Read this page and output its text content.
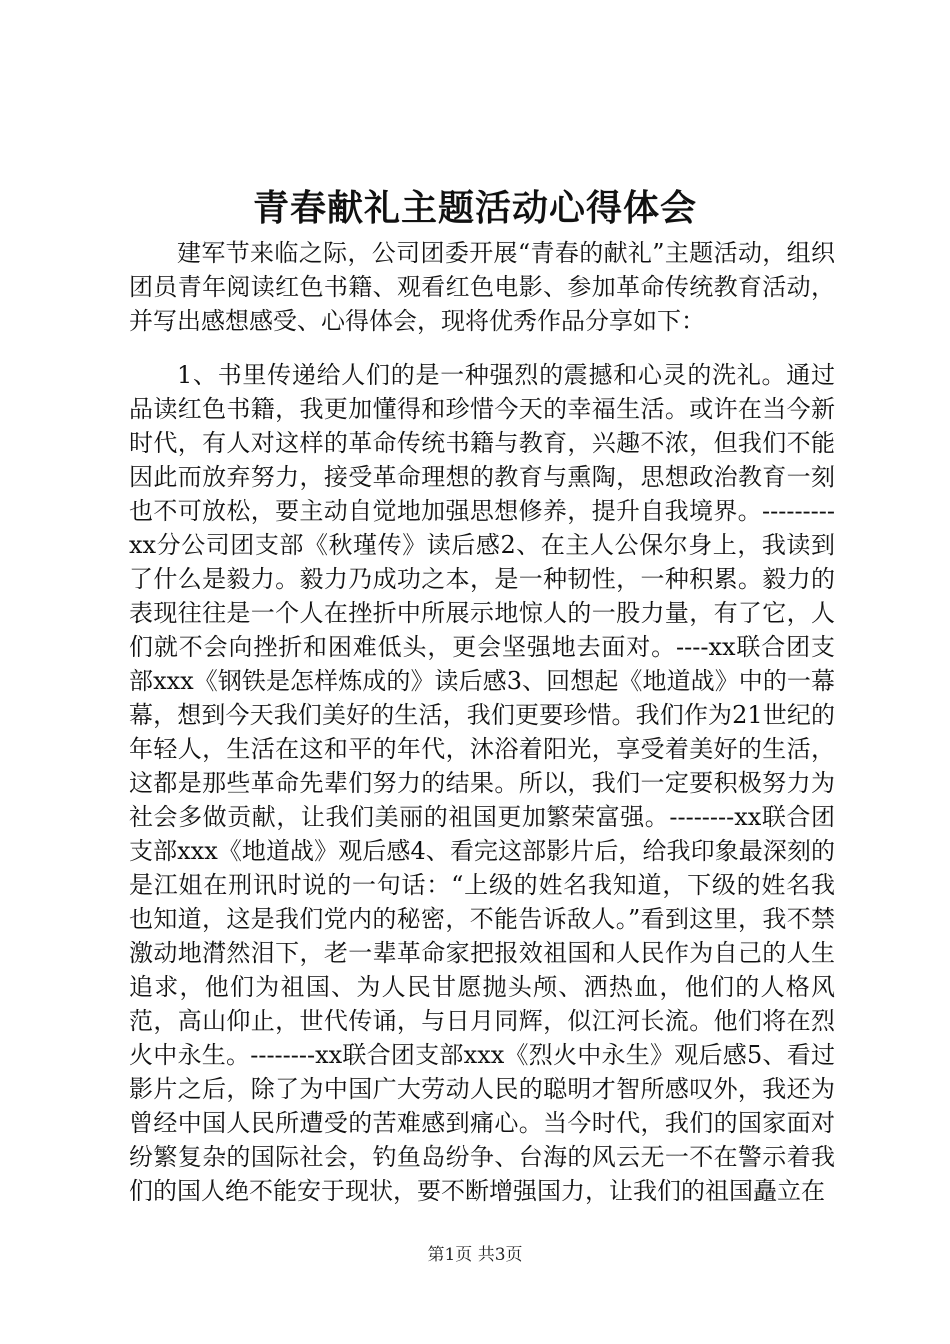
青春献礼主题活动心得体会

建军节来临之际，公司团委开展“青春的献礼”主题活动，组织团员青年阅读红色书籍、观看红色电影、参加革命传统教育活动，并写出感想感受、心得体会，现将优秀作品分享如下：

1、书里传递给人们的是一种强烈的震撼和心灵的洗礼。通过品读红色书籍，我更加懂得和珍惜今天的幸福生活。或许在当今新时代，有人对这样的革命传统书籍与教育，兴趣不浓，但我们不能因此而放弃努力，接受革命理想的教育与熏陶，思想政治教育一刻也不可放松，要主动自觉地加强思想修养，提升自我境界。---------xx分公司团支部《秋瑾传》读后感2、在主人公保尔身上，我读到了什么是毅力。毅力乃成功之本，是一种韧性，一种积累。毅力的表现往往是一个人在挫折中所展示地惊人的一股力量，有了它，人们就不会向挫折和困难低头，更会坚强地去面对。----xx联合团支部xxx《钢铁是怎样炼成的》读后感3、回想起《地道战》中的一幕幕，想到今天我们美好的生活，我们更要珍惜。我们作为21世纪的年轻人，生活在这和平的年代，沐浴着阳光，享受着美好的生活，这都是那些革命先辈们努力的结果。所以，我们一定要积极努力为社会多做贡献，让我们美丽的祖国更加繁荣富强。--------xx联合团支部xxx《地道战》观后感4、看完这部影片后，给我印象最深刻的是江姐在刑讯时说的一句话：“上级的姓名我知道，下级的姓名我也知道，这是我们党内的秘密，不能告诉敌人。”看到这里，我不禁激动地潸然泪下，老一辈革命家把报效祖国和人民作为自己的人生追求，他们为祖国、为人民甘愿抛头颅、洒热血，他们的人格风范，高山仰止，世代传诵，与日月同辉，似江河长流。他们将在烈火中永生。--------xx联合团支部xxx《烈火中永生》观后感5、看过影片之后，除了为中国广大劳动人民的聪明才智所感叹外，我还为曾经中国人民所遭受的苦难感到痛心。当今时代，我们的国家面对纷繁复杂的国际社会，钓鱼岛纷争、台海的风云无一不在警示着我们的国人绝不能安于现状，要不断增强国力，让我们的祖国矗立在

第1页 共3页
